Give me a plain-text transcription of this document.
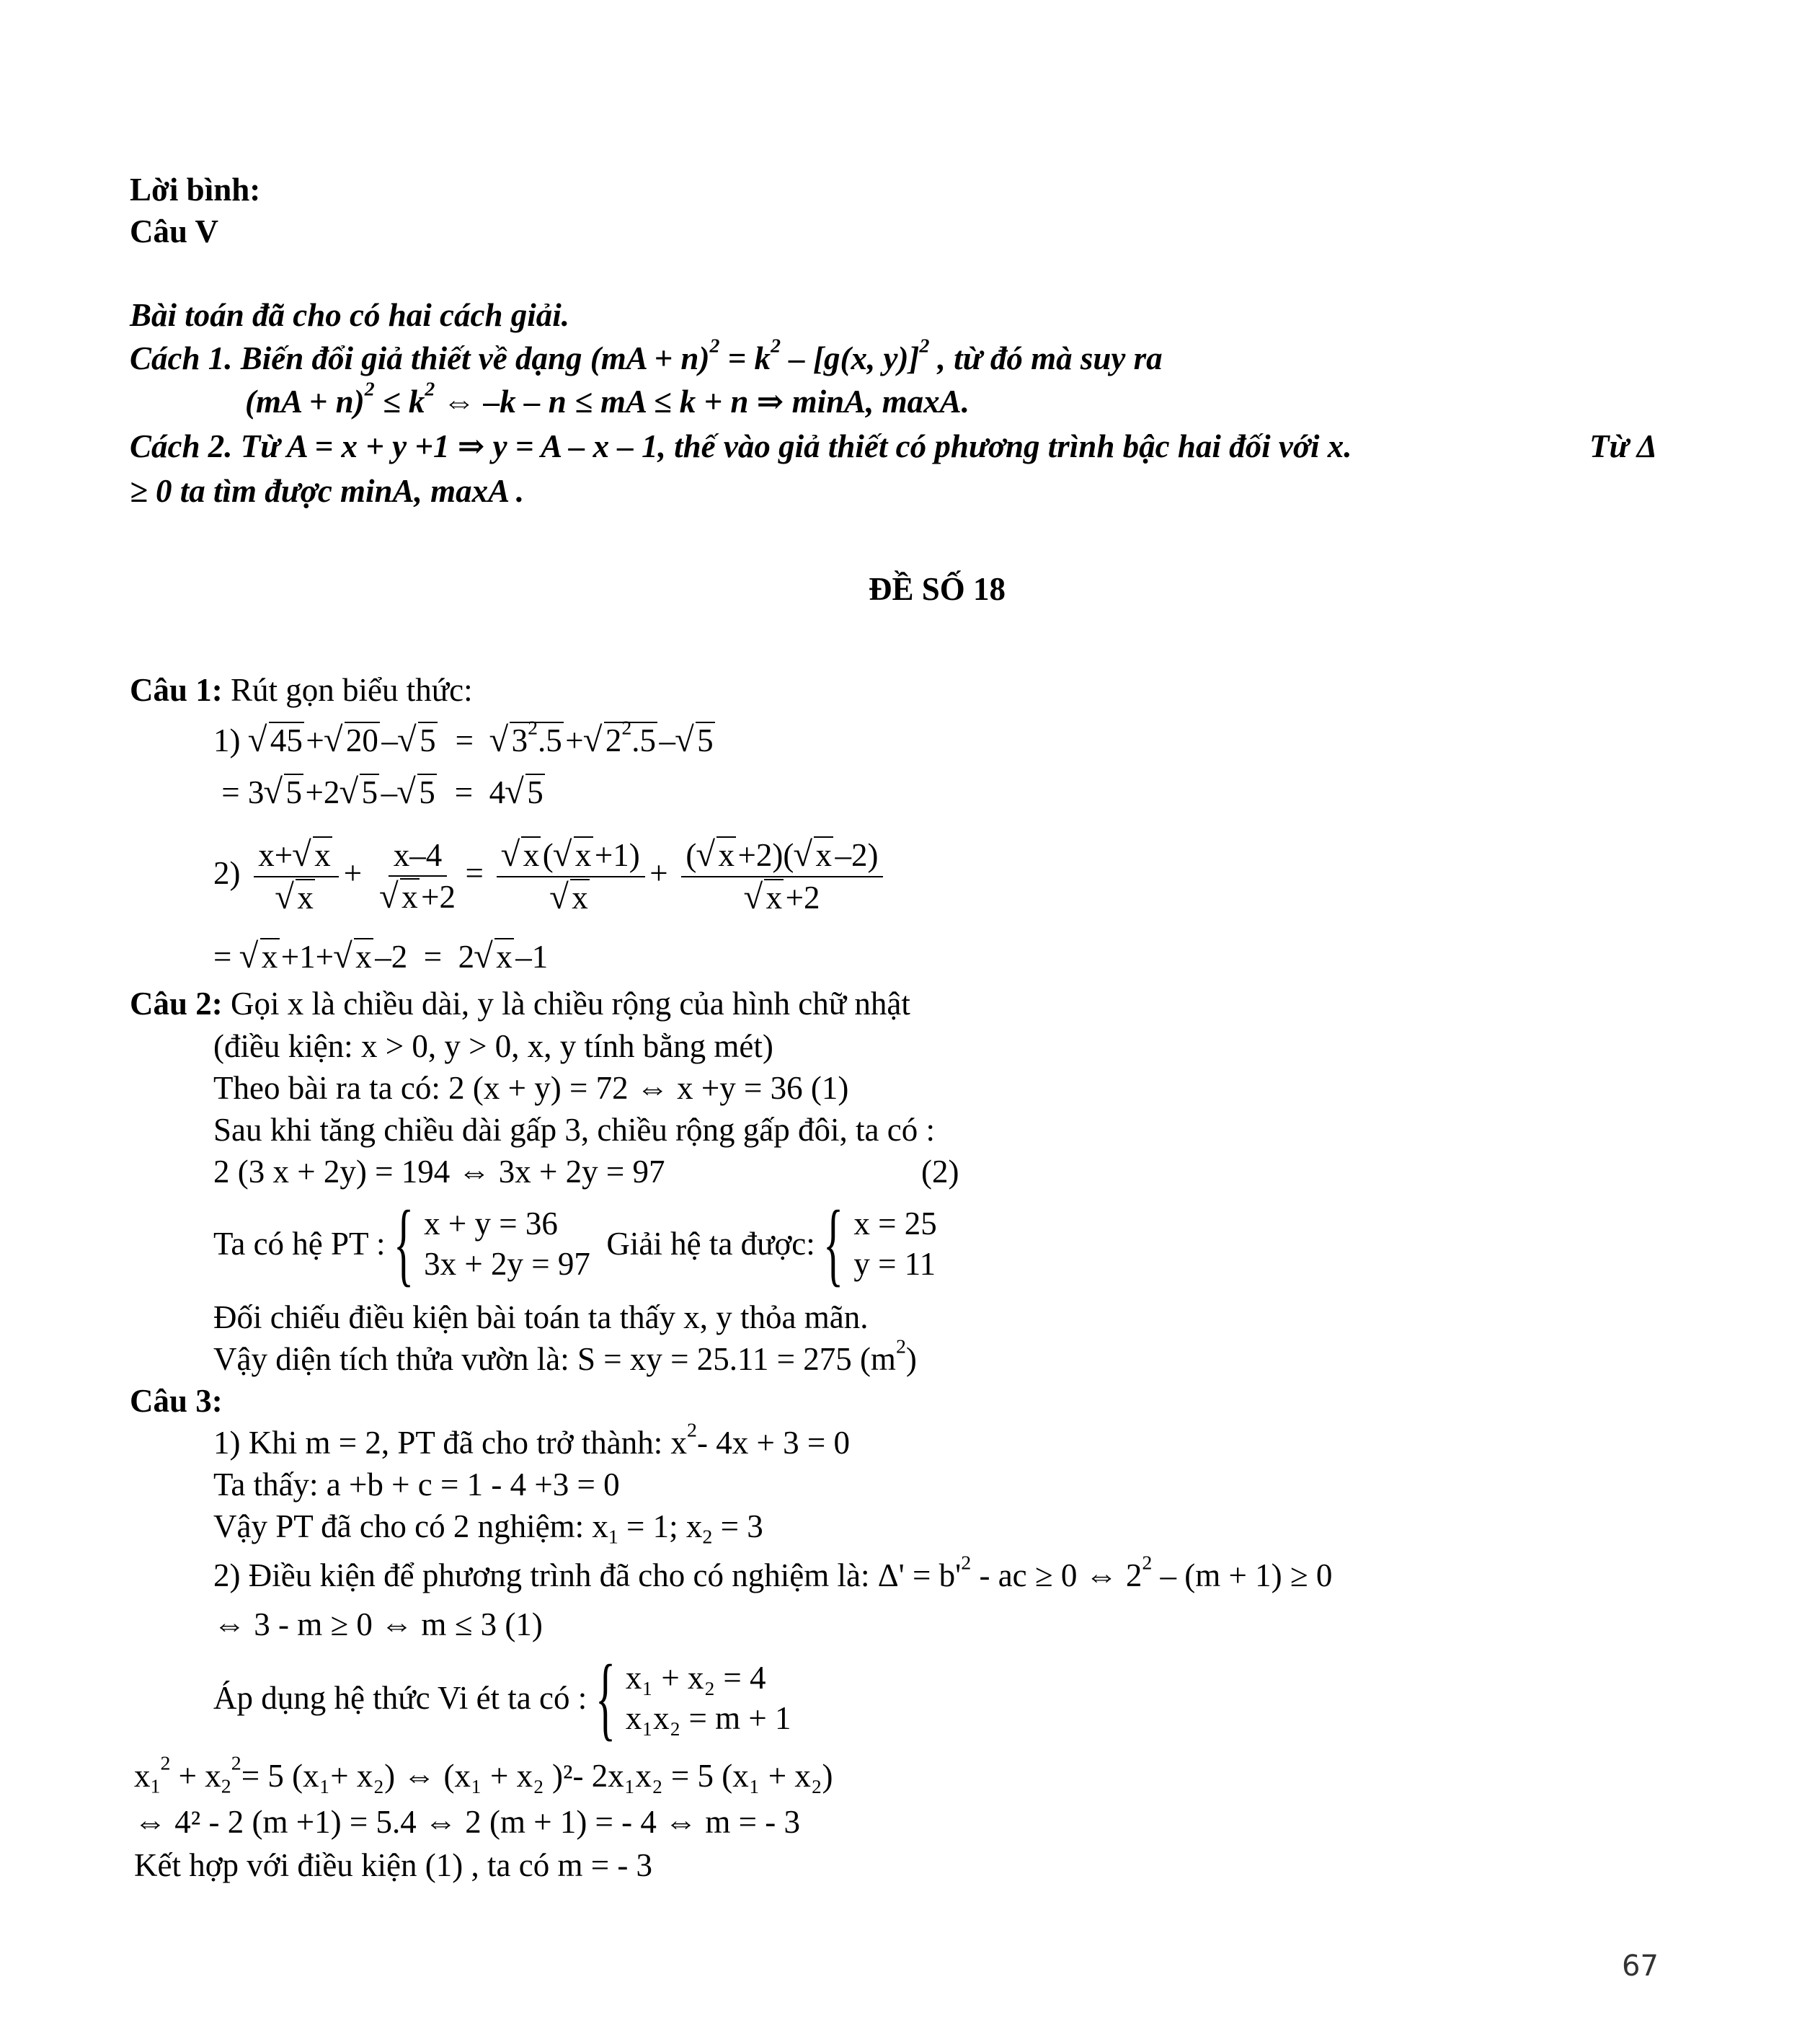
Lời bình:
Câu V
Bài toán đã cho có hai cách giải.
Cách 1. Biến đổi giả thiết về dạng $(mA + n)^2 = k^2 - [g(x$, y)]$^2$ , từ đó mà suy ra
$(mA + n)^2 \le k^2$ ⇔ –k – n ≤ mA ≤ k + n ⇒ minA, maxA.
Cách 2. Từ A = x + y +1 ⇒ y = A – x – 1, thế vào giả thiết có phương trình bậc hai đối với x.	Từ Δ
≥ 0 ta tìm được minA, maxA .
ĐỀ SỐ 18
Câu 1: Rút gọn biểu thức:
1) √ 45 + √ 20 – √ 5  =  √ $3^2.5$ + √ $2^2.5$ – √ 5
= 3 √ 5 +2 √ 5 – √ 5  =  4 √ 5
2) x+ √ x
√ x + x–4
√ x +2 = √ x ( √ x +1)
√ x + ( √ x +2)( √ x –2)
√ x +2
= √ x +1+ √ x –2  =  2 √ x –1
Câu 2: Gọi x là chiều dài, y là chiều rộng của hình chữ nhật
(điều kiện: x > 0, y > 0, x, y tính bằng mét)
Theo bài ra ta có: 2 (x + y) = 72 ⇔ x +y = 36 (1)
Sau khi tăng chiều dài gấp 3, chiều rộng gấp đôi, ta có :
2 (3 x + 2y) = 194 ⇔ 3x + 2y = 97	(2)
Ta có hệ PT : { x + y = 36
3x + 2y = 97
Giải hệ ta được: { x = 25
y = 11
Đối chiếu điều kiện bài toán ta thấy x, y thỏa mãn.
Vậy diện tích thửa vườn là: S = xy = 25.11 = 275 $(m^2)$
Câu 3:
1) Khi m = 2, PT đã cho trở thành: $x^2-$ 4x + 3 = 0
Ta thấy: a +b + c = 1 - 4 +3 = 0
Vậy PT đã cho có 2 nghiệm: $x_1 = 1$; $x_2 = 3$
2) Điều kiện để phương trình đã cho có nghiệm là: $\Delta' = b'^2$ - ac ≥ 0 ⇔ $2^2 - (m + 1) \ge 0$
⇔ 3 - m ≥ 0 ⇔ m ≤ 3 (1)
Áp dụng hệ thức Vi ét ta có : { x₁ + x₂ = 4
x₁x₂ = m + 1
$x_1^2 + x_2^2= 5$ (x₁+ x₂) ⇔ (x₁ + x₂ )²- 2x₁x₂ = 5 (x₁ + x₂)
⇔ 4² - 2 (m +1) = 5.4 ⇔ 2 (m + 1) = - 4 ⇔ m = - 3
Kết hợp với điều kiện (1) , ta có m = - 3
67
